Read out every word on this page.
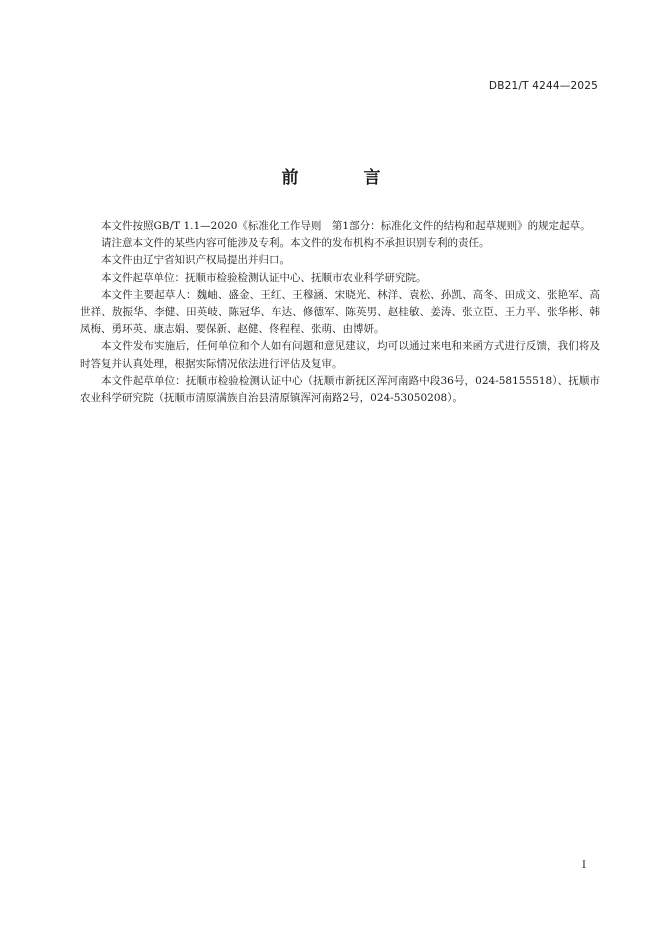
DB21/T 4244—2025
前　言

本文件按照GB/T 1.1—2020《标准化工作导则　第1部分：标准化文件的结构和起草规则》的规定起草。

请注意本文件的某些内容可能涉及专利。本文件的发布机构不承担识别专利的责任。

本文件由辽宁省知识产权局提出并归口。

本文件起草单位：抚顺市检验检测认证中心、抚顺市农业科学研究院。

本文件主要起草人：魏岫、盛金、王红、王穆涵、宋晓光、林洋、袁松、孙凯、高冬、田成文、张艳军、高世祥、敖振华、李健、田英岐、陈冠华、车达、修德军、陈英男、赵桂敏、姜涛、张立臣、王力平、张华彬、韩凤梅、勇环英、康志娟、要保新、赵健、佟程程、张萌、由博妍。

本文件发布实施后，任何单位和个人如有问题和意见建议，均可以通过来电和来函方式进行反馈，我们将及时答复并认真处理，根据实际情况依法进行评估及复审。

本文件起草单位：抚顺市检验检测认证中心（抚顺市新抚区浑河南路中段36号，024-58155518）、抚顺市农业科学研究院（抚顺市清原满族自治县清原镇浑河南路2号，024-53050208）。

I
